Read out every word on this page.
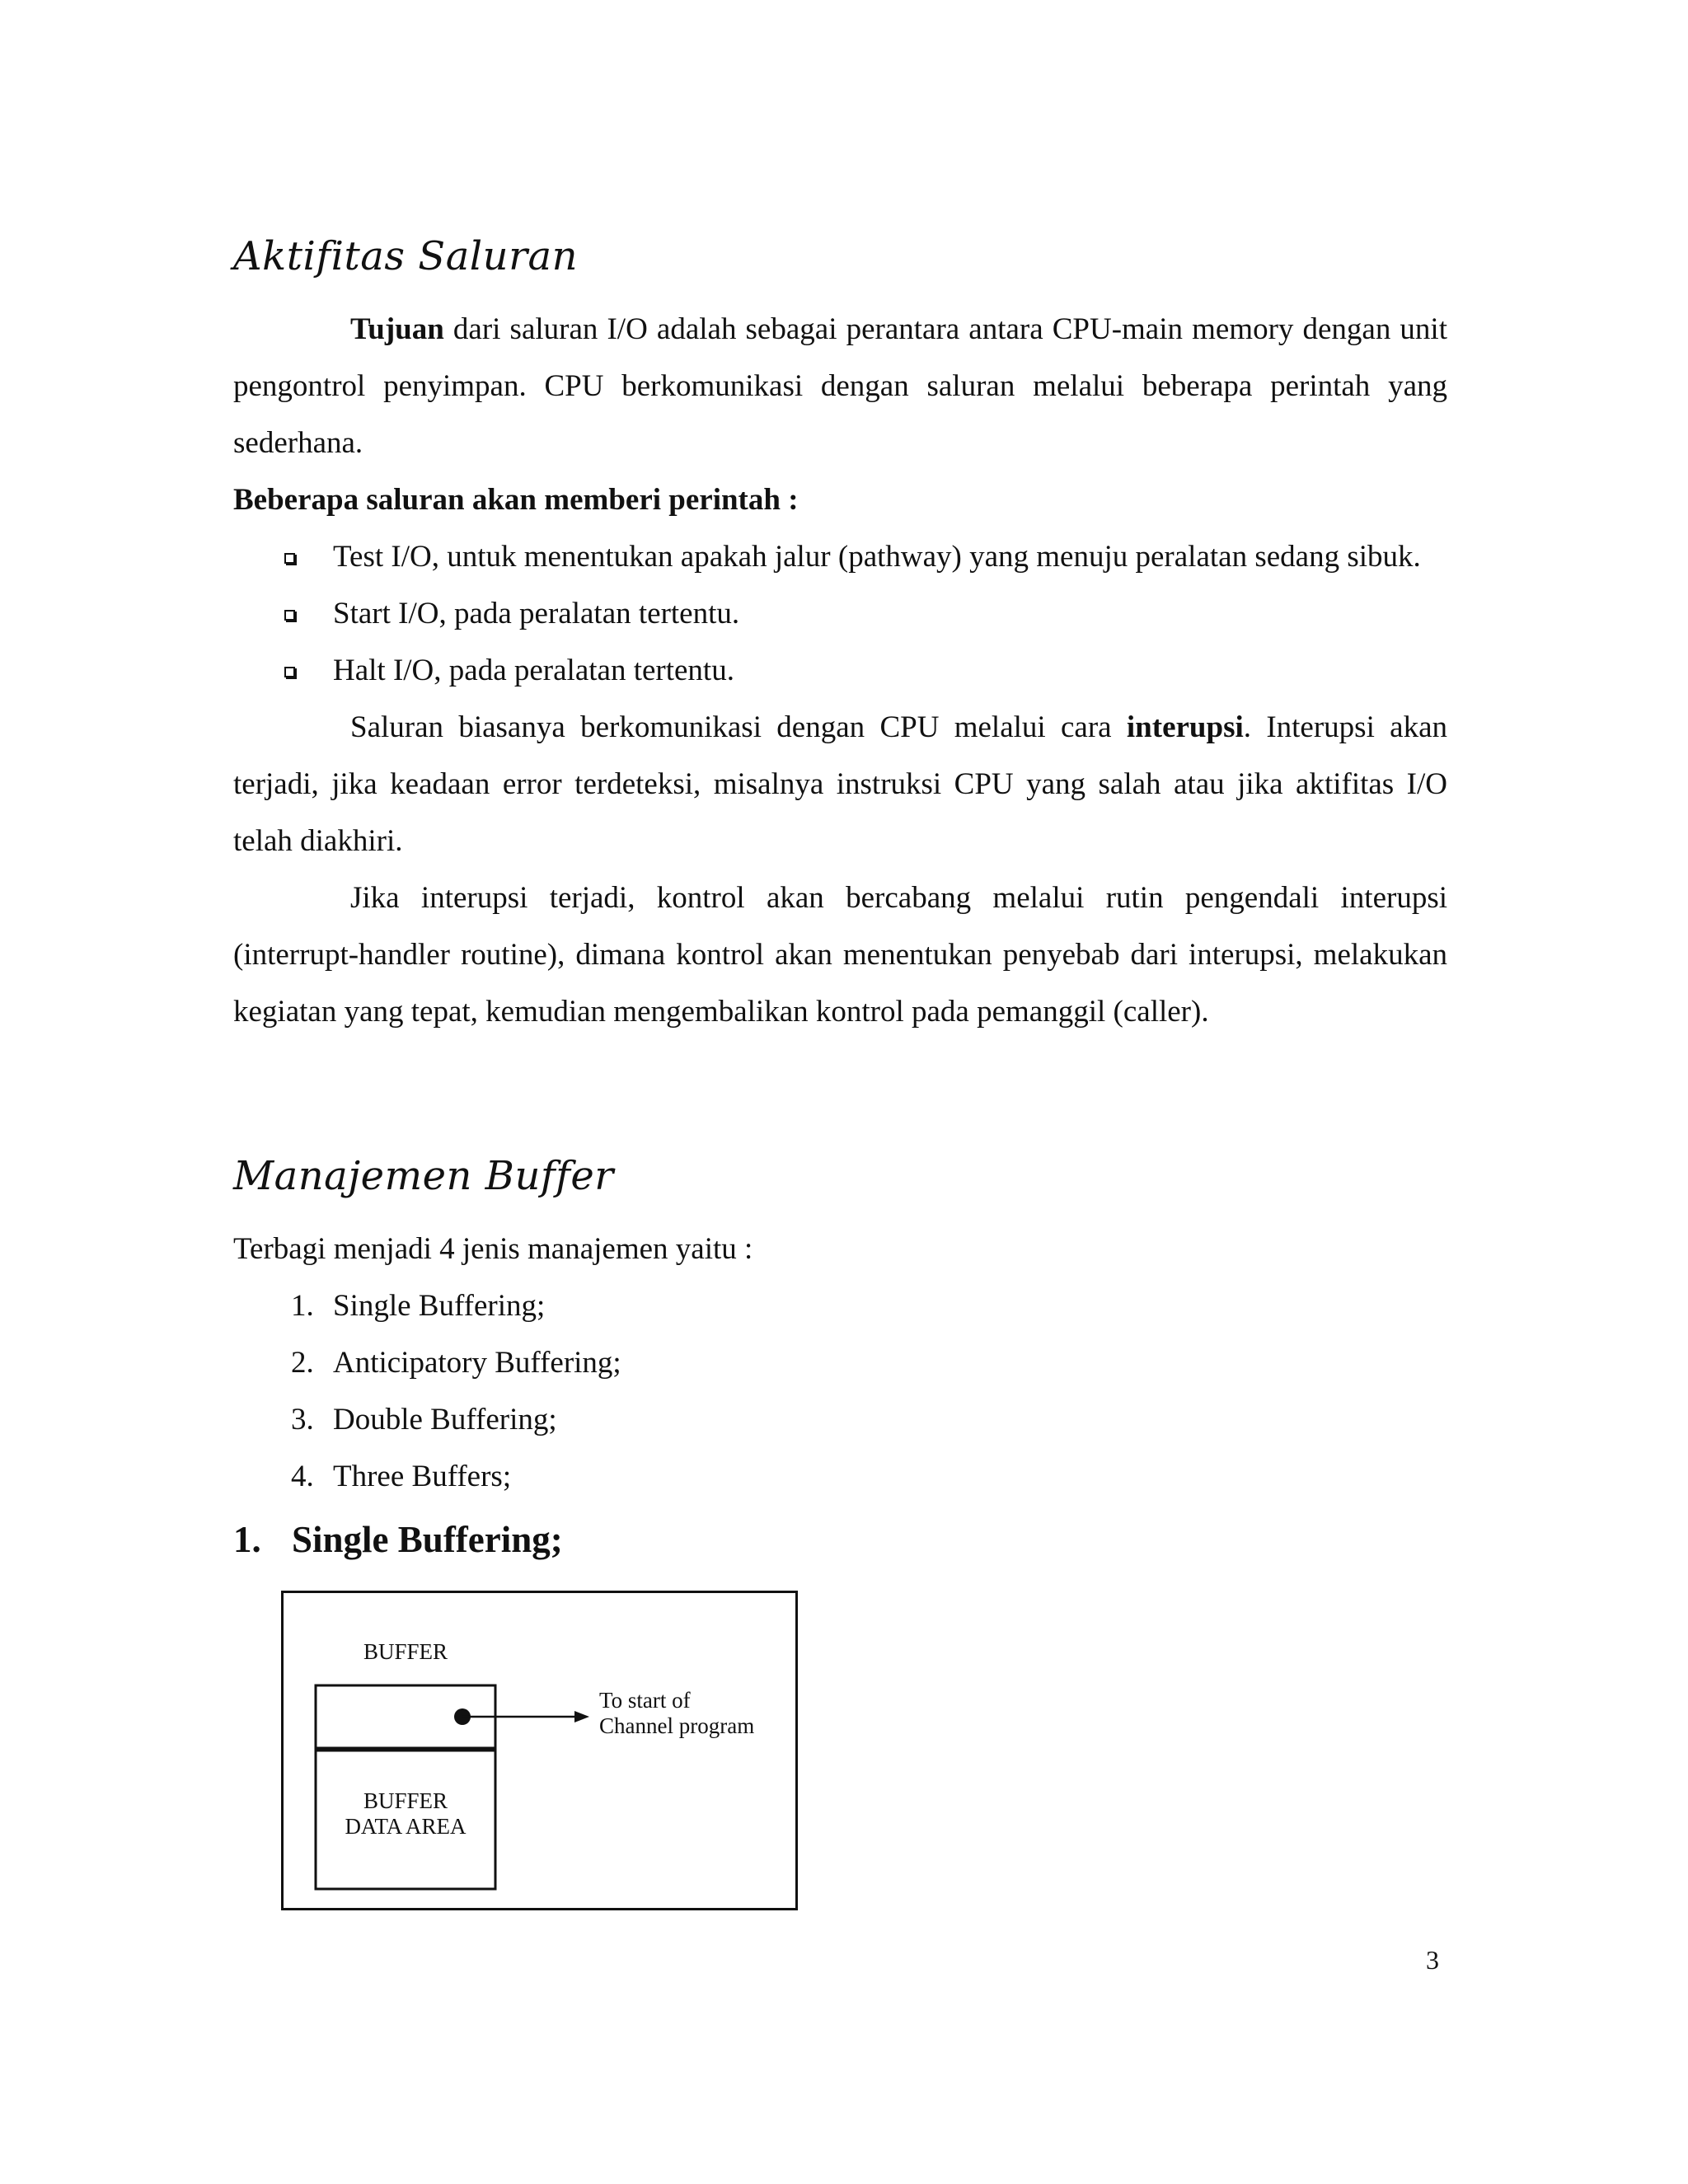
Aktifitas Saluran

Tujuan dari saluran I/O adalah sebagai perantara antara CPU-main memory dengan unit pengontrol penyimpan. CPU berkomunikasi dengan saluran melalui beberapa perintah yang sederhana.

Beberapa saluran akan memberi perintah :

Test I/O, untuk menentukan apakah jalur (pathway) yang menuju peralatan sedang sibuk.
Start I/O, pada peralatan tertentu.
Halt I/O, pada peralatan tertentu.

Saluran biasanya berkomunikasi dengan CPU melalui cara interupsi. Interupsi akan terjadi, jika keadaan error terdeteksi, misalnya instruksi CPU yang salah atau jika aktifitas I/O telah diakhiri.

Jika interupsi terjadi, kontrol akan bercabang melalui rutin pengendali interupsi (interrupt-handler routine), dimana kontrol akan menentukan penyebab dari interupsi, melakukan kegiatan yang tepat, kemudian mengembalikan kontrol pada pemanggil (caller).

Manajemen Buffer

Terbagi menjadi 4 jenis manajemen yaitu :

1. Single Buffering;
2. Anticipatory Buffering;
3. Double Buffering;
4. Three Buffers;
1. Single Buffering;
BUFFER
BUFFER
DATA AREA
To start of
Channel program
3
